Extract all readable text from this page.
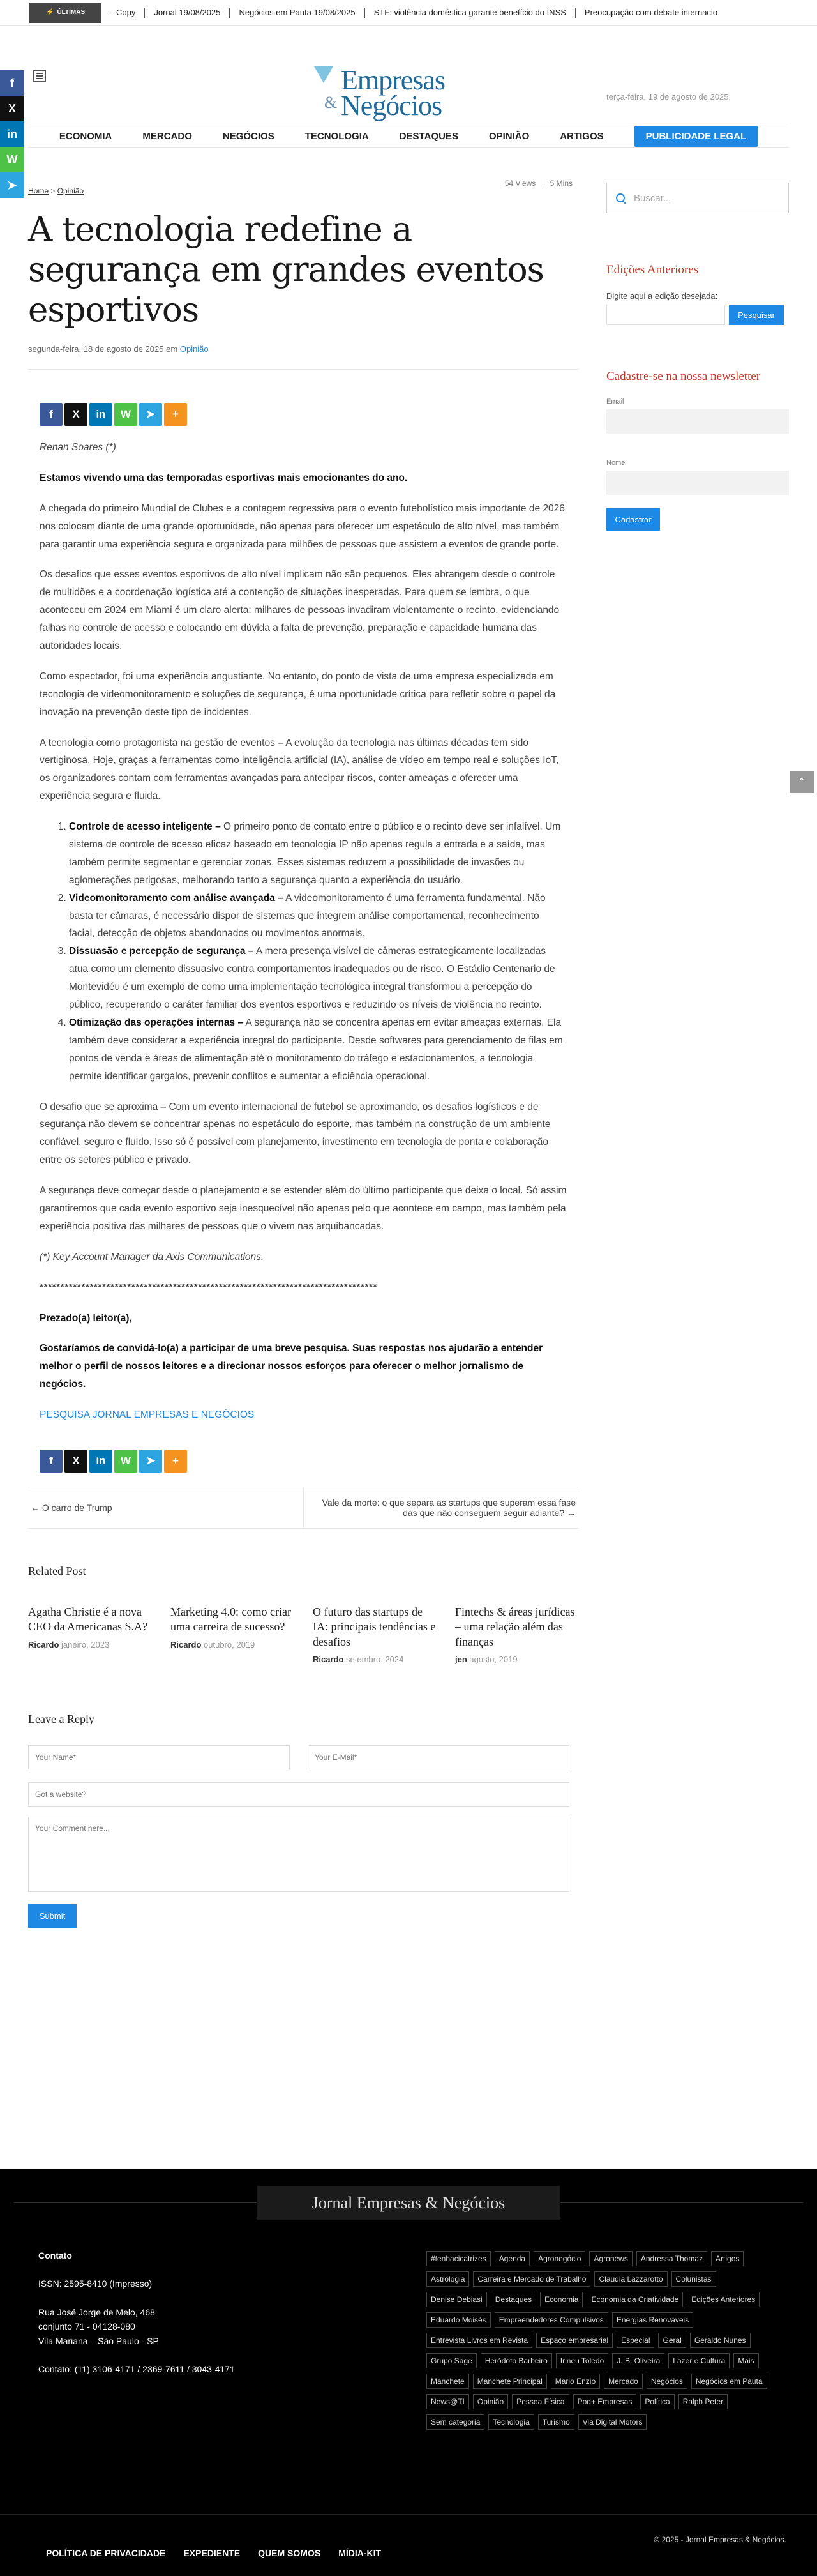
⚡ ÚLTIMAS	– Copy	Jornal 19/08/2025	Negócios em Pauta 19/08/2025	STF: violência doméstica garante benefício do INSS	Preocupação com debate internacio
Empresas
& Negócios	terça-feira, 19 de agosto de 2025.
ECONOMIA	MERCADO	NEGÓCIOS	TECNOLOGIA	DESTAQUES	OPINIÃO	ARTIGOS	PUBLICIDADE LEGAL
f
X
in
W
➤	Home > Opinião
54 Views 5 Mins
A tecnologia redefine a segurança em grandes eventos esportivos
segunda-feira, 18 de agosto de 2025 em Opinião
f	X	in	W	➤	+

Renan Soares (*)

Estamos vivendo uma das temporadas esportivas mais emocionantes do ano.

A chegada do primeiro Mundial de Clubes e a contagem regressiva para o evento futebolístico mais importante de 2026 nos colocam diante de uma grande oportunidade, não apenas para oferecer um espetáculo de alto nível, mas também para garantir uma experiência segura e organizada para milhões de pessoas que assistem a eventos de grande porte.

Os desafios que esses eventos esportivos de alto nível implicam não são pequenos. Eles abrangem desde o controle de multidões e a coordenação logística até a contenção de situações inesperadas. Para quem se lembra, o que aconteceu em 2024 em Miami é um claro alerta: milhares de pessoas invadiram violentamente o recinto, evidenciando falhas no controle de acesso e colocando em dúvida a falta de prevenção, preparação e capacidade humana das autoridades locais.

Como espectador, foi uma experiência angustiante. No entanto, do ponto de vista de uma empresa especializada em tecnologia de videomonitoramento e soluções de segurança, é uma oportunidade crítica para refletir sobre o papel da inovação na prevenção deste tipo de incidentes.

A tecnologia como protagonista na gestão de eventos – A evolução da tecnologia nas últimas décadas tem sido vertiginosa. Hoje, graças a ferramentas como inteligência artificial (IA), análise de vídeo em tempo real e soluções IoT, os organizadores contam com ferramentas avançadas para antecipar riscos, conter ameaças e oferecer uma experiência segura e fluida.

1. Controle de acesso inteligente – O primeiro ponto de contato entre o público e o recinto deve ser infalível. Um sistema de controle de acesso eficaz baseado em tecnologia IP não apenas regula a entrada e a saída, mas também permite segmentar e gerenciar zonas. Esses sistemas reduzem a possibilidade de invasões ou aglomerações perigosas, melhorando tanto a segurança quanto a experiência do usuário.
2. Videomonitoramento com análise avançada – A videomonitoramento é uma ferramenta fundamental. Não basta ter câmaras, é necessário dispor de sistemas que integrem análise comportamental, reconhecimento facial, detecção de objetos abandonados ou movimentos anormais.
3. Dissuasão e percepção de segurança – A mera presença visível de câmeras estrategicamente localizadas atua como um elemento dissuasivo contra comportamentos inadequados ou de risco. O Estádio Centenario de Montevidéu é um exemplo de como uma implementação tecnológica integral transformou a percepção do público, recuperando o caráter familiar dos eventos esportivos e reduzindo os níveis de violência no recinto.
4. Otimização das operações internas – A segurança não se concentra apenas em evitar ameaças externas. Ela também deve considerar a experiência integral do participante. Desde softwares para gerenciamento de filas em pontos de venda e áreas de alimentação até o monitoramento do tráfego e estacionamentos, a tecnologia permite identificar gargalos, prevenir conflitos e aumentar a eficiência operacional.

O desafio que se aproxima – Com um evento internacional de futebol se aproximando, os desafios logísticos e de segurança não devem se concentrar apenas no espetáculo do esporte, mas também na construção de um ambiente confiável, seguro e fluido. Isso só é possível com planejamento, investimento em tecnologia de ponta e colaboração entre os setores público e privado.

A segurança deve começar desde o planejamento e se estender além do último participante que deixa o local. Só assim garantiremos que cada evento esportivo seja inesquecível não apenas pelo que acontece em campo, mas também pela experiência positiva das milhares de pessoas que o vivem nas arquibancadas.

(*) Key Account Manager da Axis Communications.

*********************************************************************************

Prezado(a) leitor(a),

Gostaríamos de convidá-lo(a) a participar de uma breve pesquisa. Suas respostas nos ajudarão a entender melhor o perfil de nossos leitores e a direcionar nossos esforços para oferecer o melhor jornalismo de negócios.

PESQUISA JORNAL EMPRESAS E NEGÓCIOS

f	X	in	W	➤	+
← O carro de Trump	Vale da morte: o que separa as startups que superam essa fase das que não conseguem seguir adiante? →
Related Post
Agatha Christie é a nova CEO da Americanas S.A?
Ricardo janeiro, 2023
Marketing 4.0: como criar uma carreira de sucesso?
Ricardo outubro, 2019
O futuro das startups de IA: principais tendências e desafios
Ricardo setembro, 2024
Fintechs & áreas jurídicas – uma relação além das finanças
jen agosto, 2019
Leave a Reply
Your Name*
Your E-Mail*
Got a website? Your Comment here...
Submit
Buscar...
Edições Anteriores
Digite aqui a edição desejada:
Pesquisar
Cadastre-se na nossa newsletter
Email
Nome
Cadastrar
⌃
Jornal Empresas & Negócios
Contato
ISSN: 2595-8410 (Impresso)
Rua José Jorge de Melo, 468
conjunto 71 - 04128-080
Vila Mariana – São Paulo - SP
Contato: (11) 3106-4171 / 2369-7611 / 3043-4171
#tenhacicatrizes	Agenda	Agronegócio	Agronews	Andressa Thomaz	Artigos
Astrologia	Carreira e Mercado de Trabalho	Claudia Lazzarotto	Colunistas
Denise Debiasi	Destaques	Economia	Economia da Criatividade	Edições Anteriores
Eduardo Moisés	Empreendedores Compulsivos	Energias Renováveis
Entrevista Livros em Revista	Espaço empresarial	Especial	Geral	Geraldo Nunes
Grupo Sage	Heródoto Barbeiro	Irineu Toledo	J. B. Oliveira	Lazer e Cultura	Mais
Manchete	Manchete Principal	Mario Enzio	Mercado	Negócios	Negócios em Pauta
News@TI	Opinião	Pessoa Física	Pod+ Empresas	Política	Ralph Peter
Sem categoria	Tecnologia	Turismo	Via Digital Motors
POLÍTICA DE PRIVACIDADE EXPEDIENTE QUEM SOMOS MÍDIA-KIT
© 2025 - Jornal Empresas & Negócios.
